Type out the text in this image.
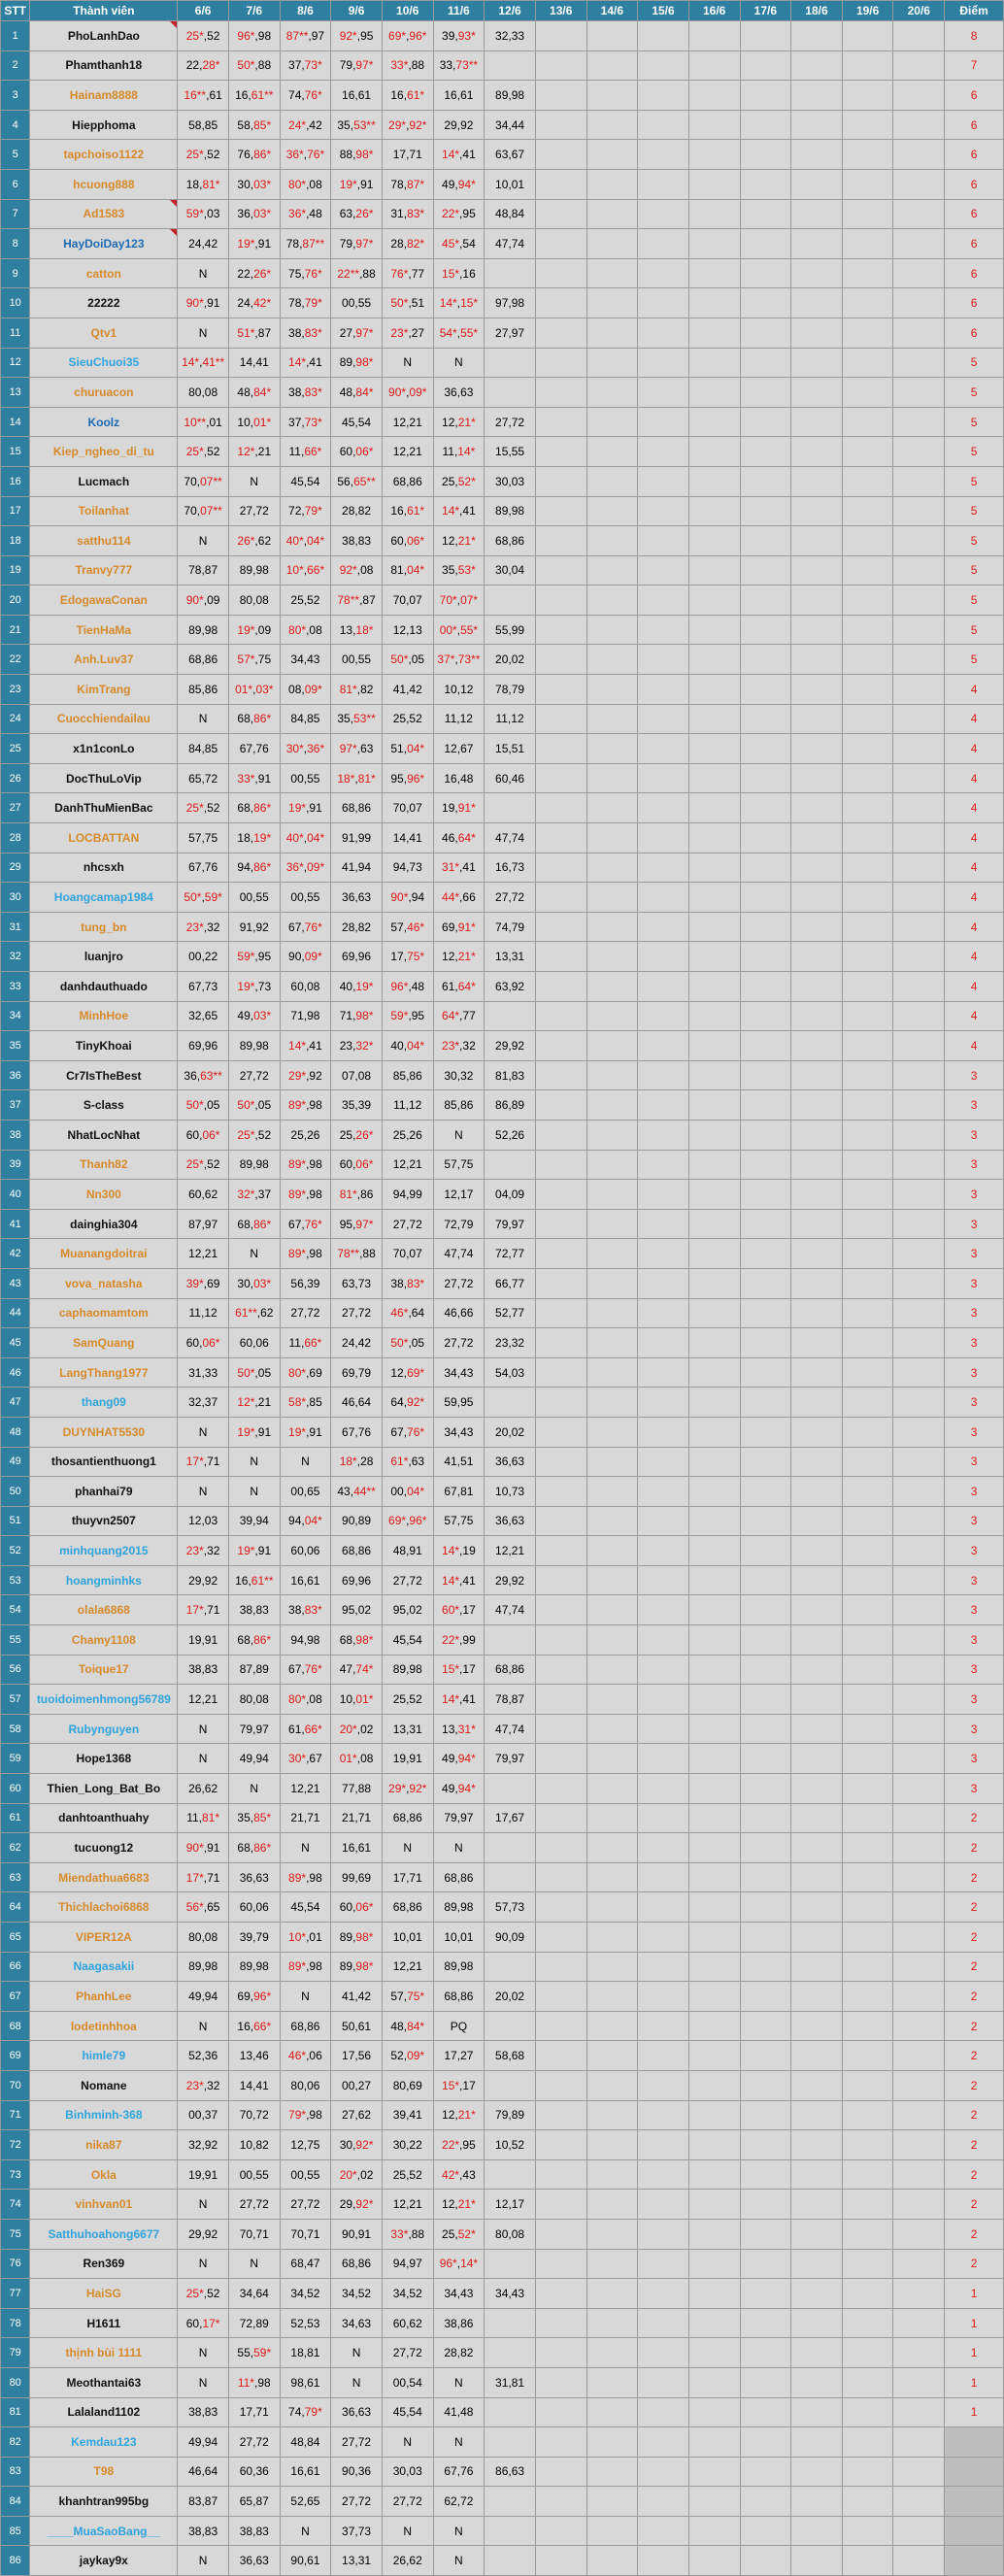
STT	Thành viên	6/6	7/6	8/6	9/6	10/6	11/6	12/6	13/6	14/6	15/6	16/6	17/6	18/6	19/6	20/6	Điểm
1	PhoLanhDao	25*,52	96*,98	87**,97	92*,95	69*,96*	39,93*	32,33									8
2	Phamthanh18	22,28*	50*,88	37,73*	79,97*	33*,88	33,73**										7
3	Hainam8888	16**,61	16,61**	74,76*	16,61	16,61*	16,61	89,98									6
4	Hiepphoma	58,85	58,85*	24*,42	35,53**	29*,92*	29,92	34,44									6
5	tapchoiso1122	25*,52	76,86*	36*,76*	88,98*	17,71	14*,41	63,67									6
6	hcuong888	18,81*	30,03*	80*,08	19*,91	78,87*	49,94*	10,01									6
7	Ad1583	59*,03	36,03*	36*,48	63,26*	31,83*	22*,95	48,84									6
8	HayDoiDay123	24,42	19*,91	78,87**	79,97*	28,82*	45*,54	47,74									6
9	catton	N	22,26*	75,76*	22**,88	76*,77	15*,16										6
10	22222	90*,91	24,42*	78,79*	00,55	50*,51	14*,15*	97,98									6
11	Qtv1	N	51*,87	38,83*	27,97*	23*,27	54*,55*	27,97									6
12	SieuChuoi35	14*,41**	14,41	14*,41	89,98*	N	N										5
13	churuacon	80,08	48,84*	38,83*	48,84*	90*,09*	36,63										5
14	Koolz	10**,01	10,01*	37,73*	45,54	12,21	12,21*	27,72									5
15	Kiep_ngheo_di_tu	25*,52	12*,21	11,66*	60,06*	12,21	11,14*	15,55									5
16	Lucmach	70,07**	N	45,54	56,65**	68,86	25,52*	30,03									5
17	Toilanhat	70,07**	27,72	72,79*	28,82	16,61*	14*,41	89,98									5
18	satthu114	N	26*,62	40*,04*	38,83	60,06*	12,21*	68,86									5
19	Tranvy777	78,87	89,98	10*,66*	92*,08	81,04*	35,53*	30,04									5
20	EdogawaConan	90*,09	80,08	25,52	78**,87	70,07	70*,07*										5
21	TienHaMa	89,98	19*,09	80*,08	13,18*	12,13	00*,55*	55,99									5
22	Anh.Luv37	68,86	57*,75	34,43	00,55	50*,05	37*,73**	20,02									5
23	KimTrang	85,86	01*,03*	08,09*	81*,82	41,42	10,12	78,79									4
24	Cuocchiendailau	N	68,86*	84,85	35,53**	25,52	11,12	11,12									4
25	x1n1conLo	84,85	67,76	30*,36*	97*,63	51,04*	12,67	15,51									4
26	DocThuLoVip	65,72	33*,91	00,55	18*,81*	95,96*	16,48	60,46									4
27	DanhThuMienBac	25*,52	68,86*	19*,91	68,86	70,07	19,91*										4
28	LOCBATTAN	57,75	18,19*	40*,04*	91,99	14,41	46,64*	47,74									4
29	nhcsxh	67,76	94,86*	36*,09*	41,94	94,73	31*,41	16,73									4
30	Hoangcamap1984	50*,59*	00,55	00,55	36,63	90*,94	44*,66	27,72									4
31	tung_bn	23*,32	91,92	67,76*	28,82	57,46*	69,91*	74,79									4
32	luanjro	00,22	59*,95	90,09*	69,96	17,75*	12,21*	13,31									4
33	danhdauthuado	67,73	19*,73	60,08	40,19*	96*,48	61,64*	63,92									4
34	MinhHoe	32,65	49,03*	71,98	71,98*	59*,95	64*,77										4
35	TinyKhoai	69,96	89,98	14*,41	23,32*	40,04*	23*,32	29,92									4
36	Cr7IsTheBest	36,63**	27,72	29*,92	07,08	85,86	30,32	81,83									3
37	S-class	50*,05	50*,05	89*,98	35,39	11,12	85,86	86,89									3
38	NhatLocNhat	60,06*	25*,52	25,26	25,26*	25,26	N	52,26									3
39	Thanh82	25*,52	89,98	89*,98	60,06*	12,21	57,75										3
40	Nn300	60,62	32*,37	89*,98	81*,86	94,99	12,17	04,09									3
41	dainghia304	87,97	68,86*	67,76*	95,97*	27,72	72,79	79,97									3
42	Muanangdoitrai	12,21	N	89*,98	78**,88	70,07	47,74	72,77									3
43	vova_natasha	39*,69	30,03*	56,39	63,73	38,83*	27,72	66,77									3
44	caphaomamtom	11,12	61**,62	27,72	27,72	46*,64	46,66	52,77									3
45	SamQuang	60,06*	60,06	11,66*	24,42	50*,05	27,72	23,32									3
46	LangThang1977	31,33	50*,05	80*,69	69,79	12,69*	34,43	54,03									3
47	thang09	32,37	12*,21	58*,85	46,64	64,92*	59,95										3
48	DUYNHAT5530	N	19*,91	19*,91	67,76	67,76*	34,43	20,02									3
49	thosantienthuong1	17*,71	N	N	18*,28	61*,63	41,51	36,63									3
50	phanhai79	N	N	00,65	43,44**	00,04*	67,81	10,73									3
51	thuyvn2507	12,03	39,94	94,04*	90,89	69*,96*	57,75	36,63									3
52	minhquang2015	23*,32	19*,91	60,06	68,86	48,91	14*,19	12,21									3
53	hoangminhks	29,92	16,61**	16,61	69,96	27,72	14*,41	29,92									3
54	olala6868	17*,71	38,83	38,83*	95,02	95,02	60*,17	47,74									3
55	Chamy1108	19,91	68,86*	94,98	68,98*	45,54	22*,99										3
56	Toique17	38,83	87,89	67,76*	47,74*	89,98	15*,17	68,86									3
57	tuoidoimenhmong56789	12,21	80,08	80*,08	10,01*	25,52	14*,41	78,87									3
58	Rubynguyen	N	79,97	61,66*	20*,02	13,31	13,31*	47,74									3
59	Hope1368	N	49,94	30*,67	01*,08	19,91	49,94*	79,97									3
60	Thien_Long_Bat_Bo	26,62	N	12,21	77,88	29*,92*	49,94*										3
61	danhtoanthuahy	11,81*	35,85*	21,71	21,71	68,86	79,97	17,67									2
62	tucuong12	90*,91	68,86*	N	16,61	N	N										2
63	Miendathua6683	17*,71	36,63	89*,98	99,69	17,71	68,86										2
64	Thichlachoi6868	56*,65	60,06	45,54	60,06*	68,86	89,98	57,73									2
65	VIPER12A	80,08	39,79	10*,01	89,98*	10,01	10,01	90,09									2
66	Naagasakii	89,98	89,98	89*,98	89,98*	12,21	89,98										2
67	PhanhLee	49,94	69,96*	N	41,42	57,75*	68,86	20,02									2
68	lodetinhhoa	N	16,66*	68,86	50,61	48,84*	PQ										2
69	himle79	52,36	13,46	46*,06	17,56	52,09*	17,27	58,68									2
70	Nomane	23*,32	14,41	80,06	00,27	80,69	15*,17										2
71	Binhminh-368	00,37	70,72	79*,98	27,62	39,41	12,21*	79,89									2
72	nika87	32,92	10,82	12,75	30,92*	30,22	22*,95	10,52									2
73	Okla	19,91	00,55	00,55	20*,02	25,52	42*,43										2
74	vinhvan01	N	27,72	27,72	29,92*	12,21	12,21*	12,17									2
75	Satthuhoahong6677	29,92	70,71	70,71	90,91	33*,88	25,52*	80,08									2
76	Ren369	N	N	68,47	68,86	94,97	96*,14*										2
77	HaiSG	25*,52	34,64	34,52	34,52	34,52	34,43	34,43									1
78	H1611	60,17*	72,89	52,53	34,63	60,62	38,86										1
79	thịnh bùi 1111	N	55,59*	18,81	N	27,72	28,82										1
80	Meothantai63	N	11*,98	98,61	N	00,54	N	31,81									1
81	Lalaland1102	38,83	17,71	74,79*	36,63	45,54	41,48										1
82	Kemdau123	49,94	27,72	48,84	27,72	N	N										
83	T98	46,64	60,36	16,61	90,36	30,03	67,76	86,63									
84	khanhtran995bg	83,87	65,87	52,65	27,72	27,72	62,72										
85	____MuaSaoBang__	38,83	38,83	N	37,73	N	N										
86	jaykay9x	N	36,63	90,61	13,31	26,62	N										
